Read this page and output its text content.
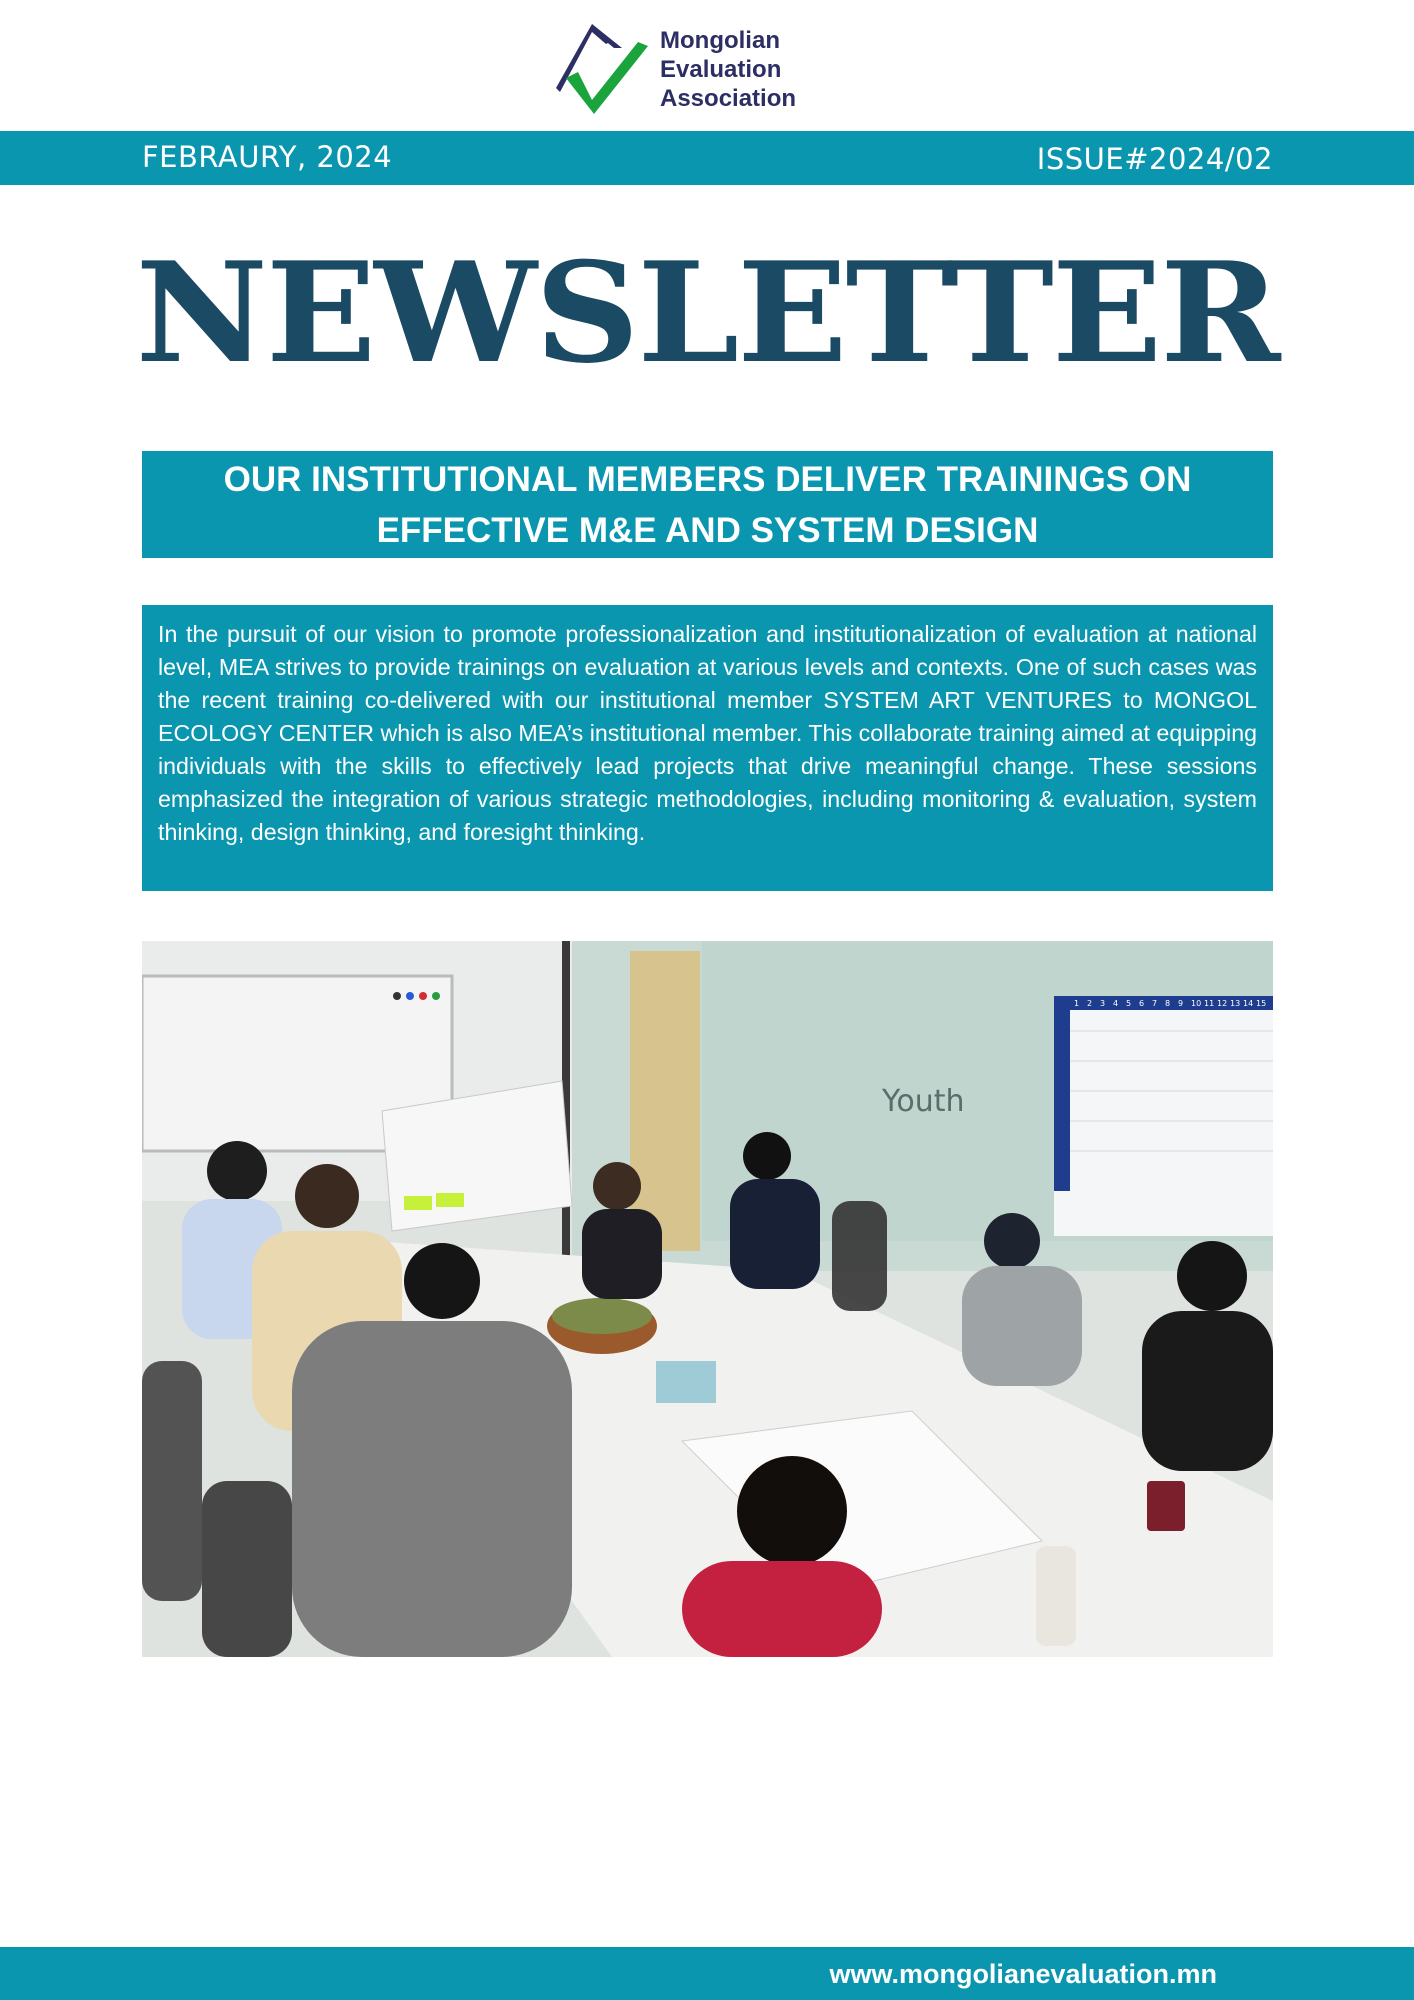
Mongolian
Evaluation
Association
FEBRAURY, 2024	ISSUE#2024/02
NEWSLETTER
OUR INSTITUTIONAL MEMBERS DELIVER TRAININGS ON
EFFECTIVE M&E AND SYSTEM DESIGN

In the pursuit of our vision to promote professionalization and institutionalization of evaluation at national level, MEA strives to provide trainings on evaluation at various levels and contexts. One of such cases was the recent training co-delivered with our institutional member SYSTEM ART VENTURES to MONGOL ECOLOGY CENTER which is also MEA’s institutional member. This collaborate training aimed at equipping individuals with the skills to effectively lead projects that drive meaningful change. These sessions emphasized the integration of various strategic methodologies, including monitoring & evaluation, system thinking, design thinking, and foresight thinking.

Youth
1 2 3 4 5 6 7 8 9 10 11 12 13 14 15
www.mongolianevaluation.mn
